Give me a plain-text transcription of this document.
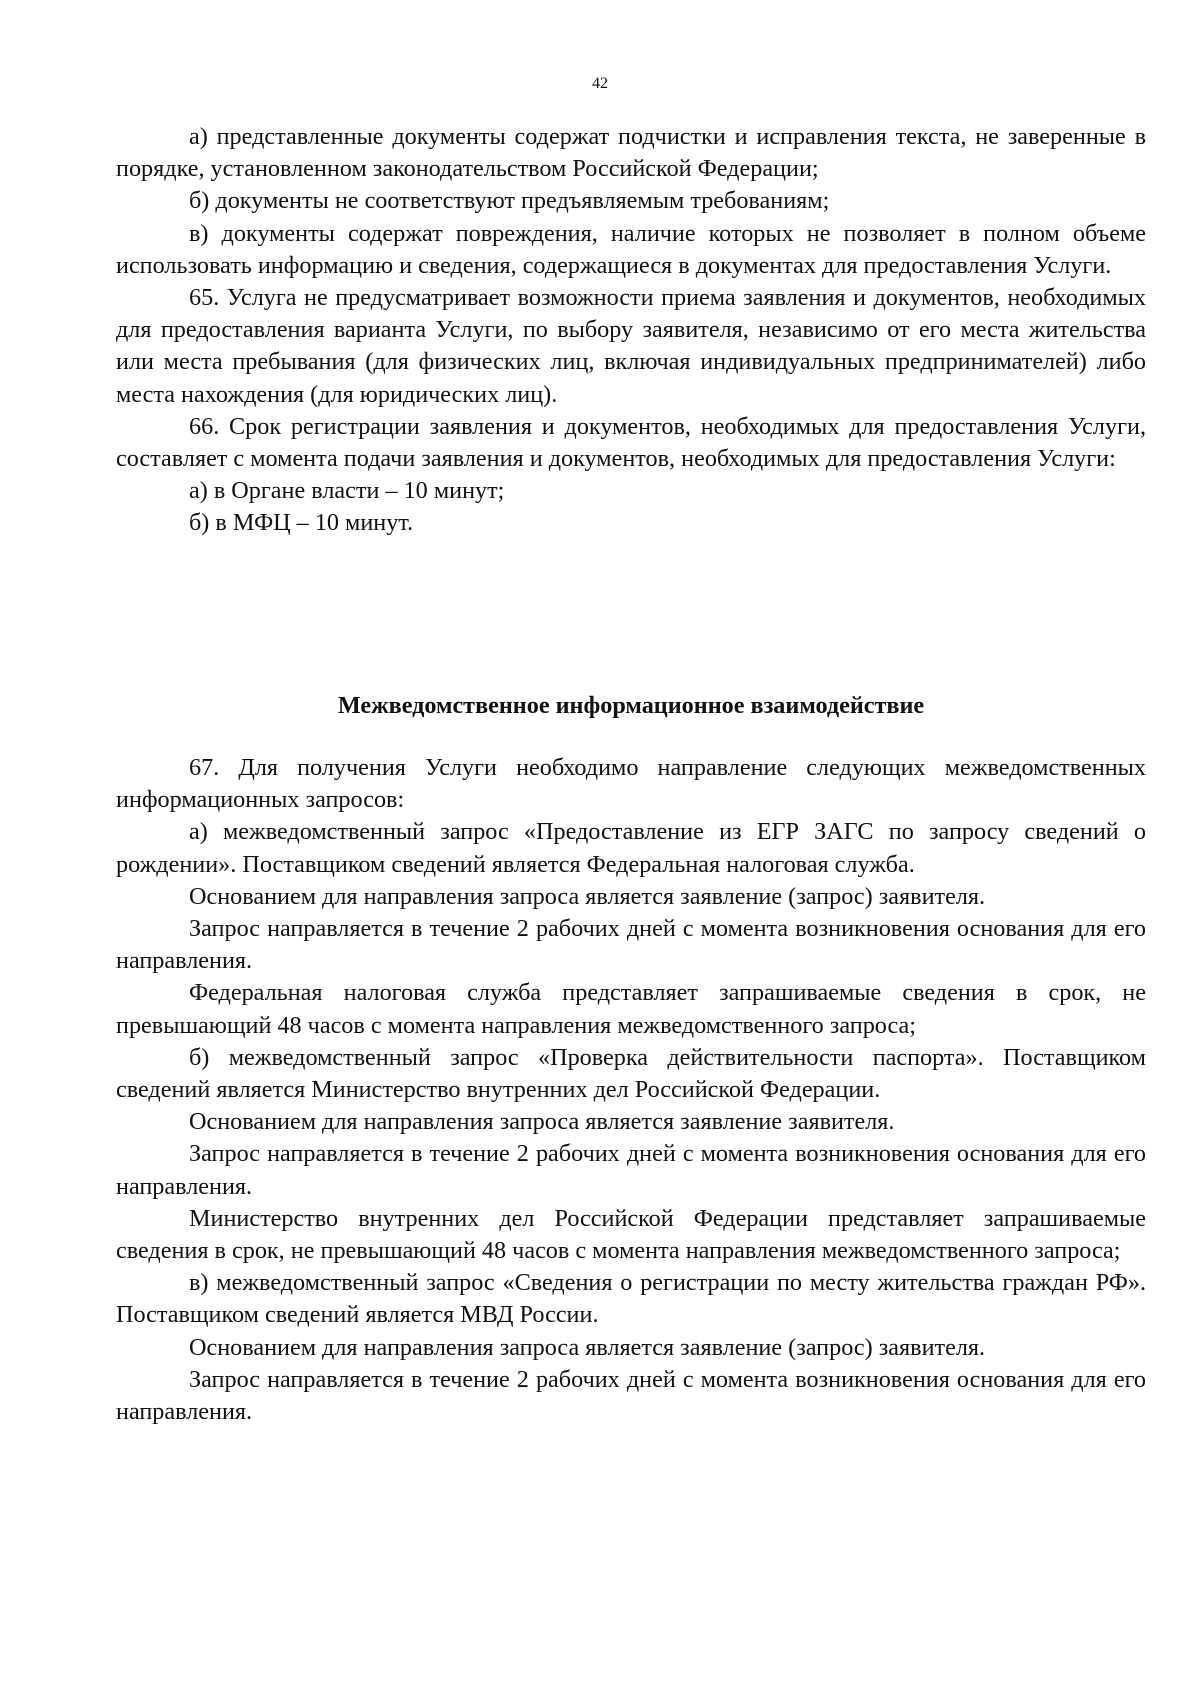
42

а) представленные документы содержат подчистки и исправления текста, не заверенные в порядке, установленном законодательством Российской Федерации;

б) документы не соответствуют предъявляемым требованиям;

в) документы содержат повреждения, наличие которых не позволяет в полном объеме использовать информацию и сведения, содержащиеся в документах для предоставления Услуги.

65. Услуга не предусматривает возможности приема заявления и документов, необходимых для предоставления варианта Услуги, по выбору заявителя, независимо от его места жительства или места пребывания (для физических лиц, включая индивидуальных предпринимателей) либо места нахождения (для юридических лиц).

66. Срок регистрации заявления и документов, необходимых для предоставления Услуги, составляет с момента подачи заявления и документов, необходимых для предоставления Услуги:

а) в Органе власти – 10 минут;

б) в МФЦ – 10 минут.

Межведомственное информационное взаимодействие

67. Для получения Услуги необходимо направление следующих межведомственных информационных запросов:

а) межведомственный запрос «Предоставление из ЕГР ЗАГС по запросу сведений о рождении». Поставщиком сведений является Федеральная налоговая служба.

Основанием для направления запроса является заявление (запрос) заявителя.

Запрос направляется в течение 2 рабочих дней с момента возникновения основания для его направления.

Федеральная налоговая служба представляет запрашиваемые сведения в срок, не превышающий 48 часов с момента направления межведомственного запроса;

б) межведомственный запрос «Проверка действительности паспорта». Поставщиком сведений является Министерство внутренних дел Российской Федерации.

Основанием для направления запроса является заявление заявителя.

Запрос направляется в течение 2 рабочих дней с момента возникновения основания для его направления.

Министерство внутренних дел Российской Федерации представляет запрашиваемые сведения в срок, не превышающий 48 часов с момента направления межведомственного запроса;

в) межведомственный запрос «Сведения о регистрации по месту жительства граждан РФ». Поставщиком сведений является МВД России.

Основанием для направления запроса является заявление (запрос) заявителя.

Запрос направляется в течение 2 рабочих дней с момента возникновения основания для его направления.
